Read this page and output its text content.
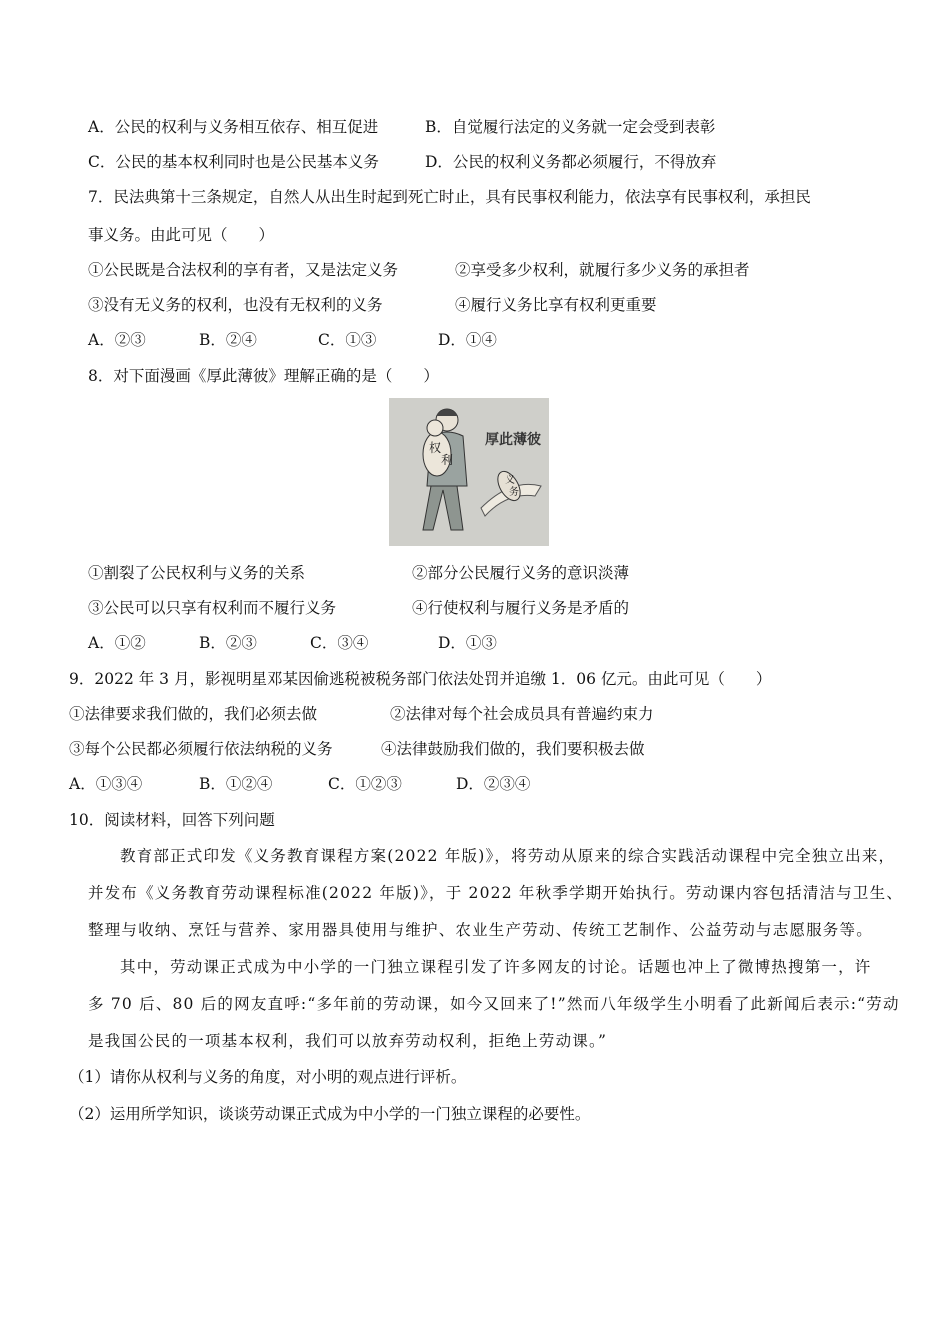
A．公民的权利与义务相互依存、相互促进	B．自觉履行法定的义务就一定会受到表彰
C．公民的基本权利同时也是公民基本义务	D．公民的权利义务都必须履行，不得放弃
7．民法典第十三条规定，自然人从出生时起到死亡时止，具有民事权利能力，依法享有民事权利，承担民
事义务。由此可见（　　）
①公民既是合法权利的享有者，又是法定义务	②享受多少权利，就履行多少义务的承担者
③没有无义务的权利，也没有无权利的义务	④履行义务比享有权利更重要
A．②③	B．②④	C．①③	D．①④
8．对下面漫画《厚此薄彼》理解正确的是（　　）
权
利
厚此薄彼
义
务
①割裂了公民权利与义务的关系	②部分公民履行义务的意识淡薄
③公民可以只享有权利而不履行义务	④行使权利与履行义务是矛盾的
A．①②	B．②③	C．③④	D．①③
9．2022 年 3 月，影视明星邓某因偷逃税被税务部门依法处罚并追缴 1．06 亿元。由此可见（　　）
①法律要求我们做的，我们必须去做	②法律对每个社会成员具有普遍约束力
③每个公民都必须履行依法纳税的义务	④法律鼓励我们做的，我们要积极去做
A．①③④	B．①②④	C．①②③	D．②③④
10．阅读材料，回答下列问题
教育部正式印发《义务教育课程方案(2022 年版)》，将劳动从原来的综合实践活动课程中完全独立出来，
并发布《义务教育劳动课程标准(2022 年版)》，于 2022 年秋季学期开始执行。劳动课内容包括清洁与卫生、
整理与收纳、烹饪与营养、家用器具使用与维护、农业生产劳动、传统工艺制作、公益劳动与志愿服务等。
其中，劳动课正式成为中小学的一门独立课程引发了许多网友的讨论。话题也冲上了微博热搜第一，许
多 70 后、80 后的网友直呼:“多年前的劳动课，如今又回来了!”然而八年级学生小明看了此新闻后表示:“劳动
是我国公民的一项基本权利，我们可以放弃劳动权利，拒绝上劳动课。”
（1）请你从权利与义务的角度，对小明的观点进行评析。
（2）运用所学知识，谈谈劳动课正式成为中小学的一门独立课程的必要性。
